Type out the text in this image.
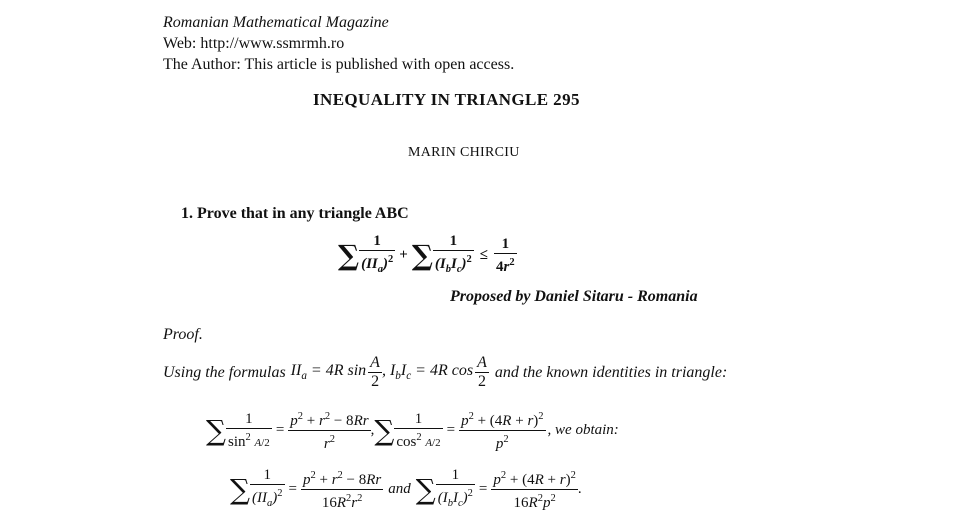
Romanian Mathematical Magazine
Web: http://www.ssmrmh.ro
The Author: This article is published with open access.
INEQUALITY IN TRIANGLE 295
MARIN CHIRCIU
1. Prove that in any triangle ABC
∑ $\frac{1}{(II_a)^2}$ + ∑ $\frac{1}{(I_bI_c)^2} \le \frac{1}{4r^2}$
Proposed by Daniel Sitaru - Romania
Proof.
Using the formulas $II_a = 4R$ $\sin \frac{A}{2}$ , $I_bI_c = 4R$ $\cos \frac{A}{2}$ and the known identities in triangle:
∑ $\frac{1}{\sin^2 A/2} = \frac{p^2 + r^2 - 8Rr}{r^2}$ , ∑ $\frac{1}{\cos^2 A/2} = \frac{p^2 + (4R + r)^2}{p^2}$ , we obtain:
∑ $\frac{1}{(II_a)^2} = \frac{p^2 + r^2 - 8Rr}{16R^2r^2}$ and ∑ $\frac{1}{(I_bI_c)^2} = \frac{p^2 + (4R + r)^2}{16R^2p^2}$ .
